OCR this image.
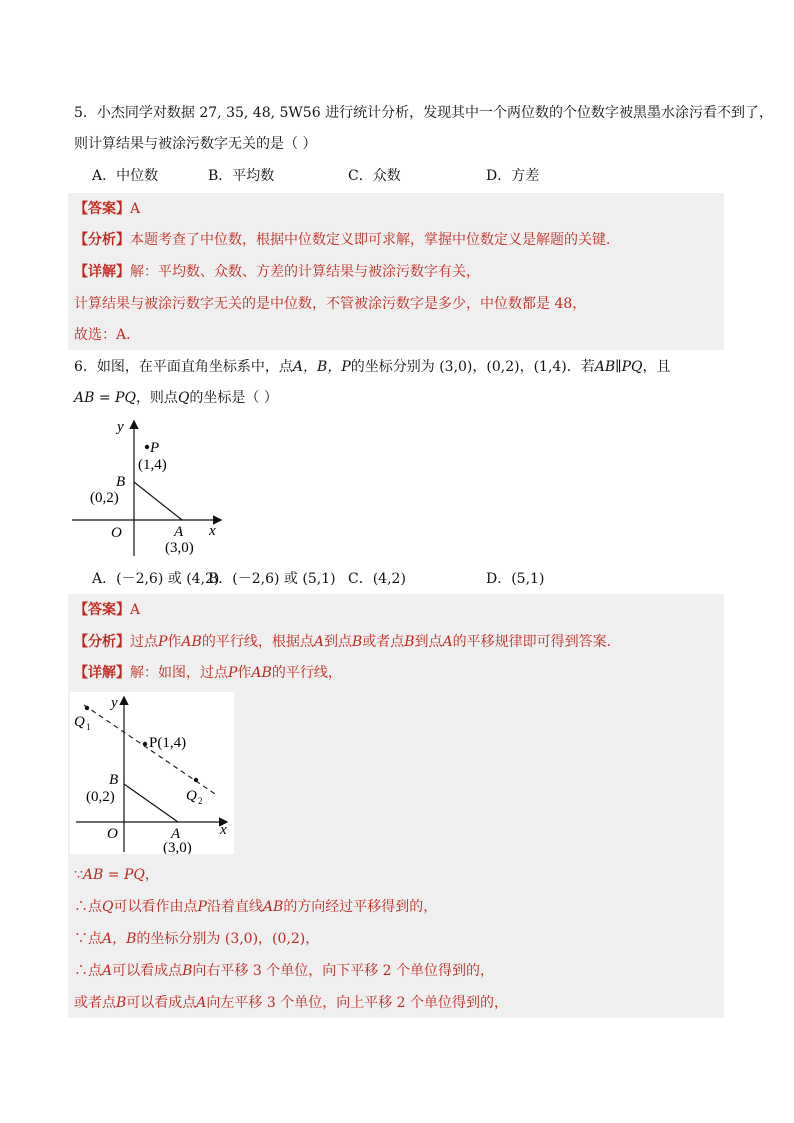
5．小杰同学对数据 27, 35, 48, 5W56 进行统计分析，发现其中一个两位数的个位数字被黑墨水涂污看不到了，
则计算结果与被涂污数字无关的是（ ）
A．中位数	B．平均数	C．众数	D．方差
【答案】A
【分析】本题考查了中位数，根据中位数定义即可求解，掌握中位数定义是解题的关键．
【详解】解：平均数、众数、方差的计算结果与被涂污数字有关，
计算结果与被涂污数字无关的是中位数，不管被涂污数字是多少，中位数都是 48，
故选：A．
6．如图，在平面直角坐标系中，点A，B，P的坐标分别为 (3,0)，(0,2)，(1,4)．若AB∥PQ，且
AB = PQ，则点Q的坐标是（ ）
y
x
P
(1,4)
B
(0,2)
O	A
(3,0)
A．(－2,6) 或 (4,2)
B．(－2,6) 或 (5,1) C．(4,2)	D．(5,1)
【答案】A
【分析】过点P作AB的平行线，根据点A到点B或者点B到点A的平移规律即可得到答案．
【详解】解：如图，过点P作AB的平行线，
y
x
Q 1
P(1,4)
B
(0,2)	Q 2
O	A
(3,0)
∵AB = PQ，
∴点Q可以看作由点P沿着直线AB的方向经过平移得到的，
∵点A，B的坐标分别为 (3,0)，(0,2)，
∴点A可以看成点B向右平移 3 个单位，向下平移 2 个单位得到的，
或者点B可以看成点A向左平移 3 个单位，向上平移 2 个单位得到的，
